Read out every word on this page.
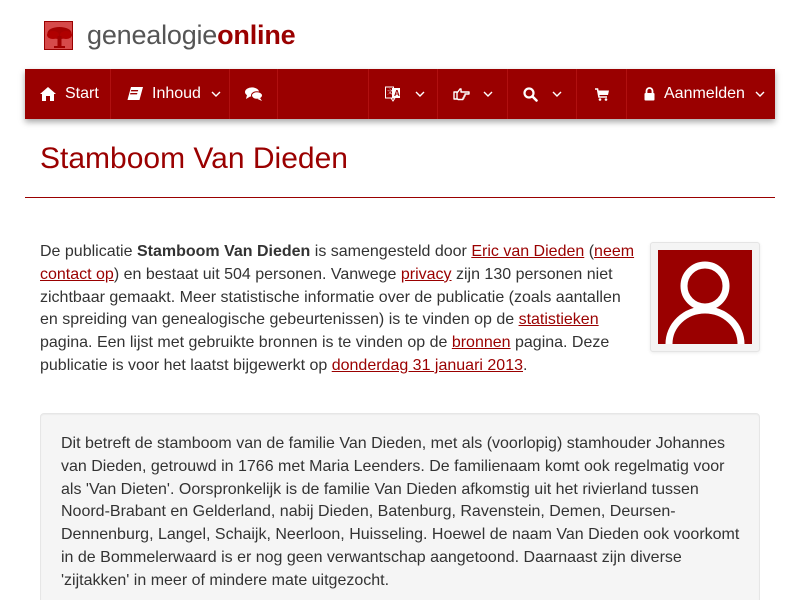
genealogieonline
Start	Inhoud	A
文	Aanmelden
Stamboom Van Dieden

De publicatie Stamboom Van Dieden is samengesteld door Eric van Dieden (neem contact op) en bestaat uit 504 personen. Vanwege privacy zijn 130 personen niet zichtbaar gemaakt. Meer statistische informatie over de publicatie (zoals aantallen en spreiding van genealogische gebeurtenissen) is te vinden op de statistieken pagina. Een lijst met gebruikte bronnen is te vinden op de bronnen pagina. Deze publicatie is voor het laatst bijgewerkt op donderdag 31 januari 2013.

Dit betreft de stamboom van de familie Van Dieden, met als (voorlopig) stamhouder Johannes van Dieden, getrouwd in 1766 met Maria Leenders. De familienaam komt ook regelmatig voor als 'Van Dieten'. Oorspronkelijk is de familie Van Dieden afkomstig uit het rivierland tussen Noord-Brabant en Gelderland, nabij Dieden, Batenburg, Ravenstein, Demen, Deursen-Dennenburg, Langel, Schaijk, Neerloon, Huisseling. Hoewel de naam Van Dieden ook voorkomt in de Bommelerwaard is er nog geen verwantschap aangetoond. Daarnaast zijn diverse 'zijtakken' in meer of mindere mate uitgezocht.
